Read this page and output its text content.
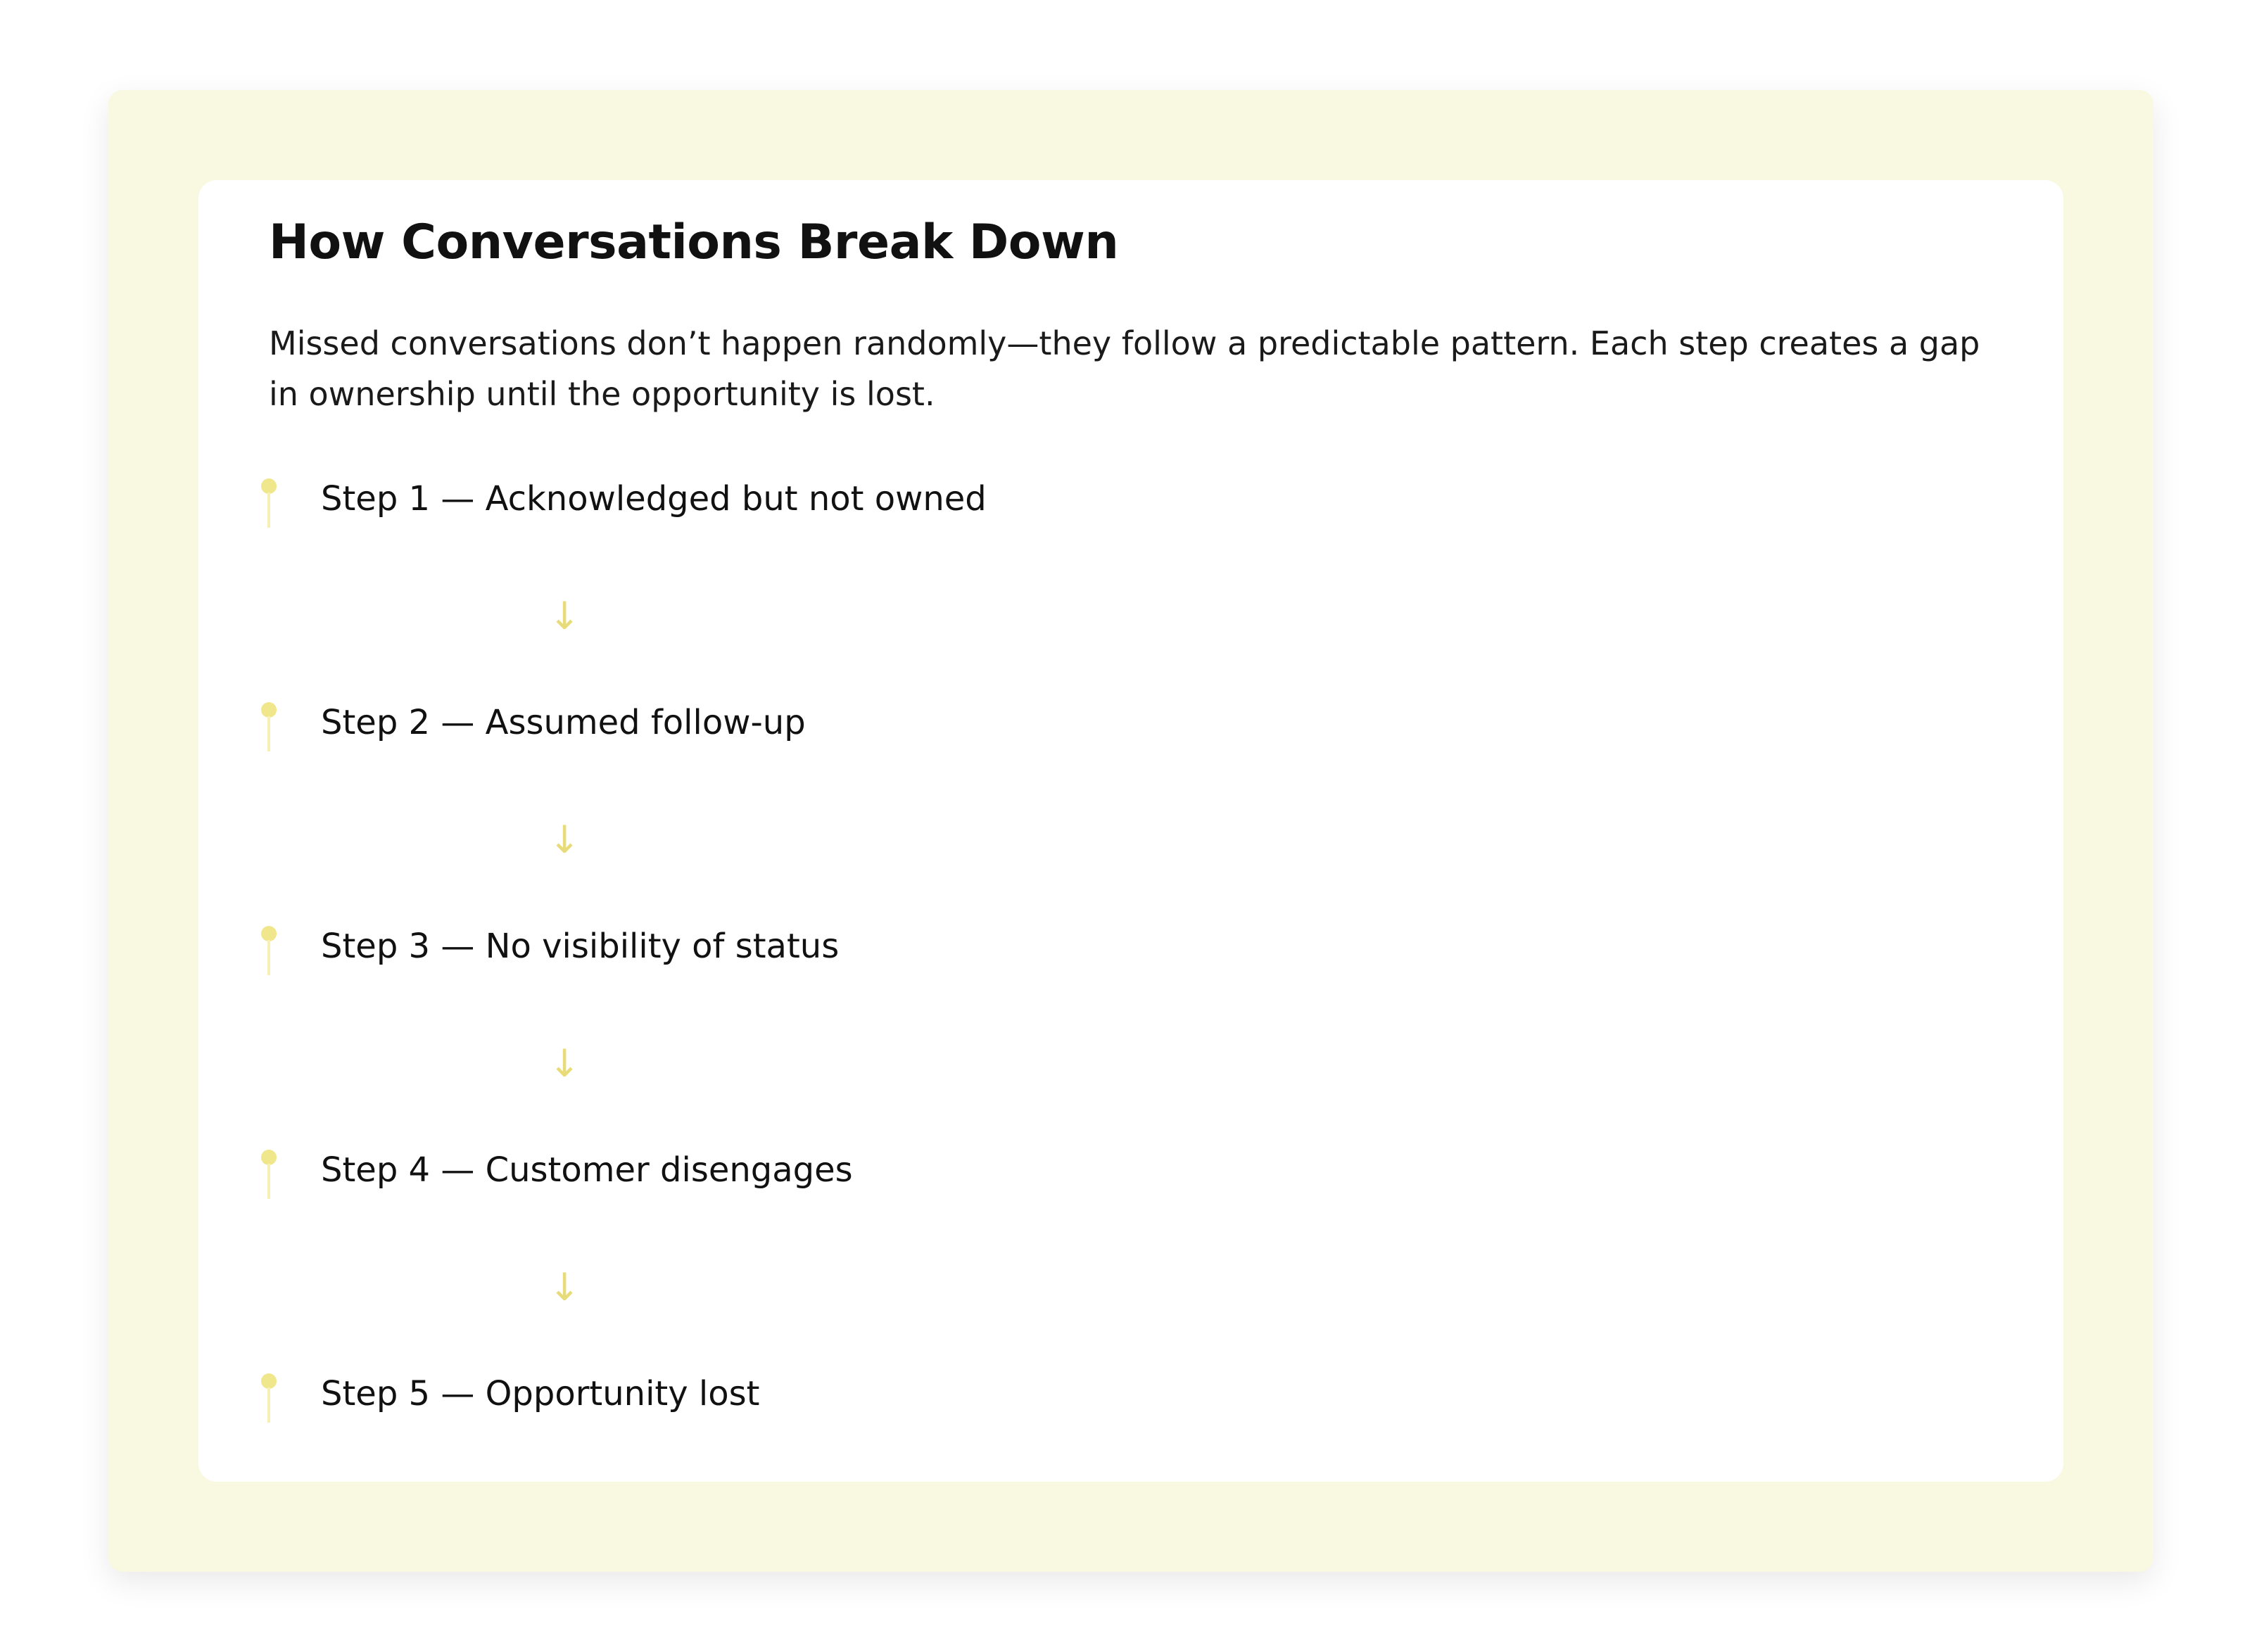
How Conversations Break Down

Missed conversations don’t happen randomly—they follow a predictable pattern. Each step creates a gap in ownership until the opportunity is lost.

Step 1 — Acknowledged but not owned
↓
Step 2 — Assumed follow-up
↓
Step 3 — No visibility of status
↓
Step 4 — Customer disengages
↓
Step 5 — Opportunity lost
